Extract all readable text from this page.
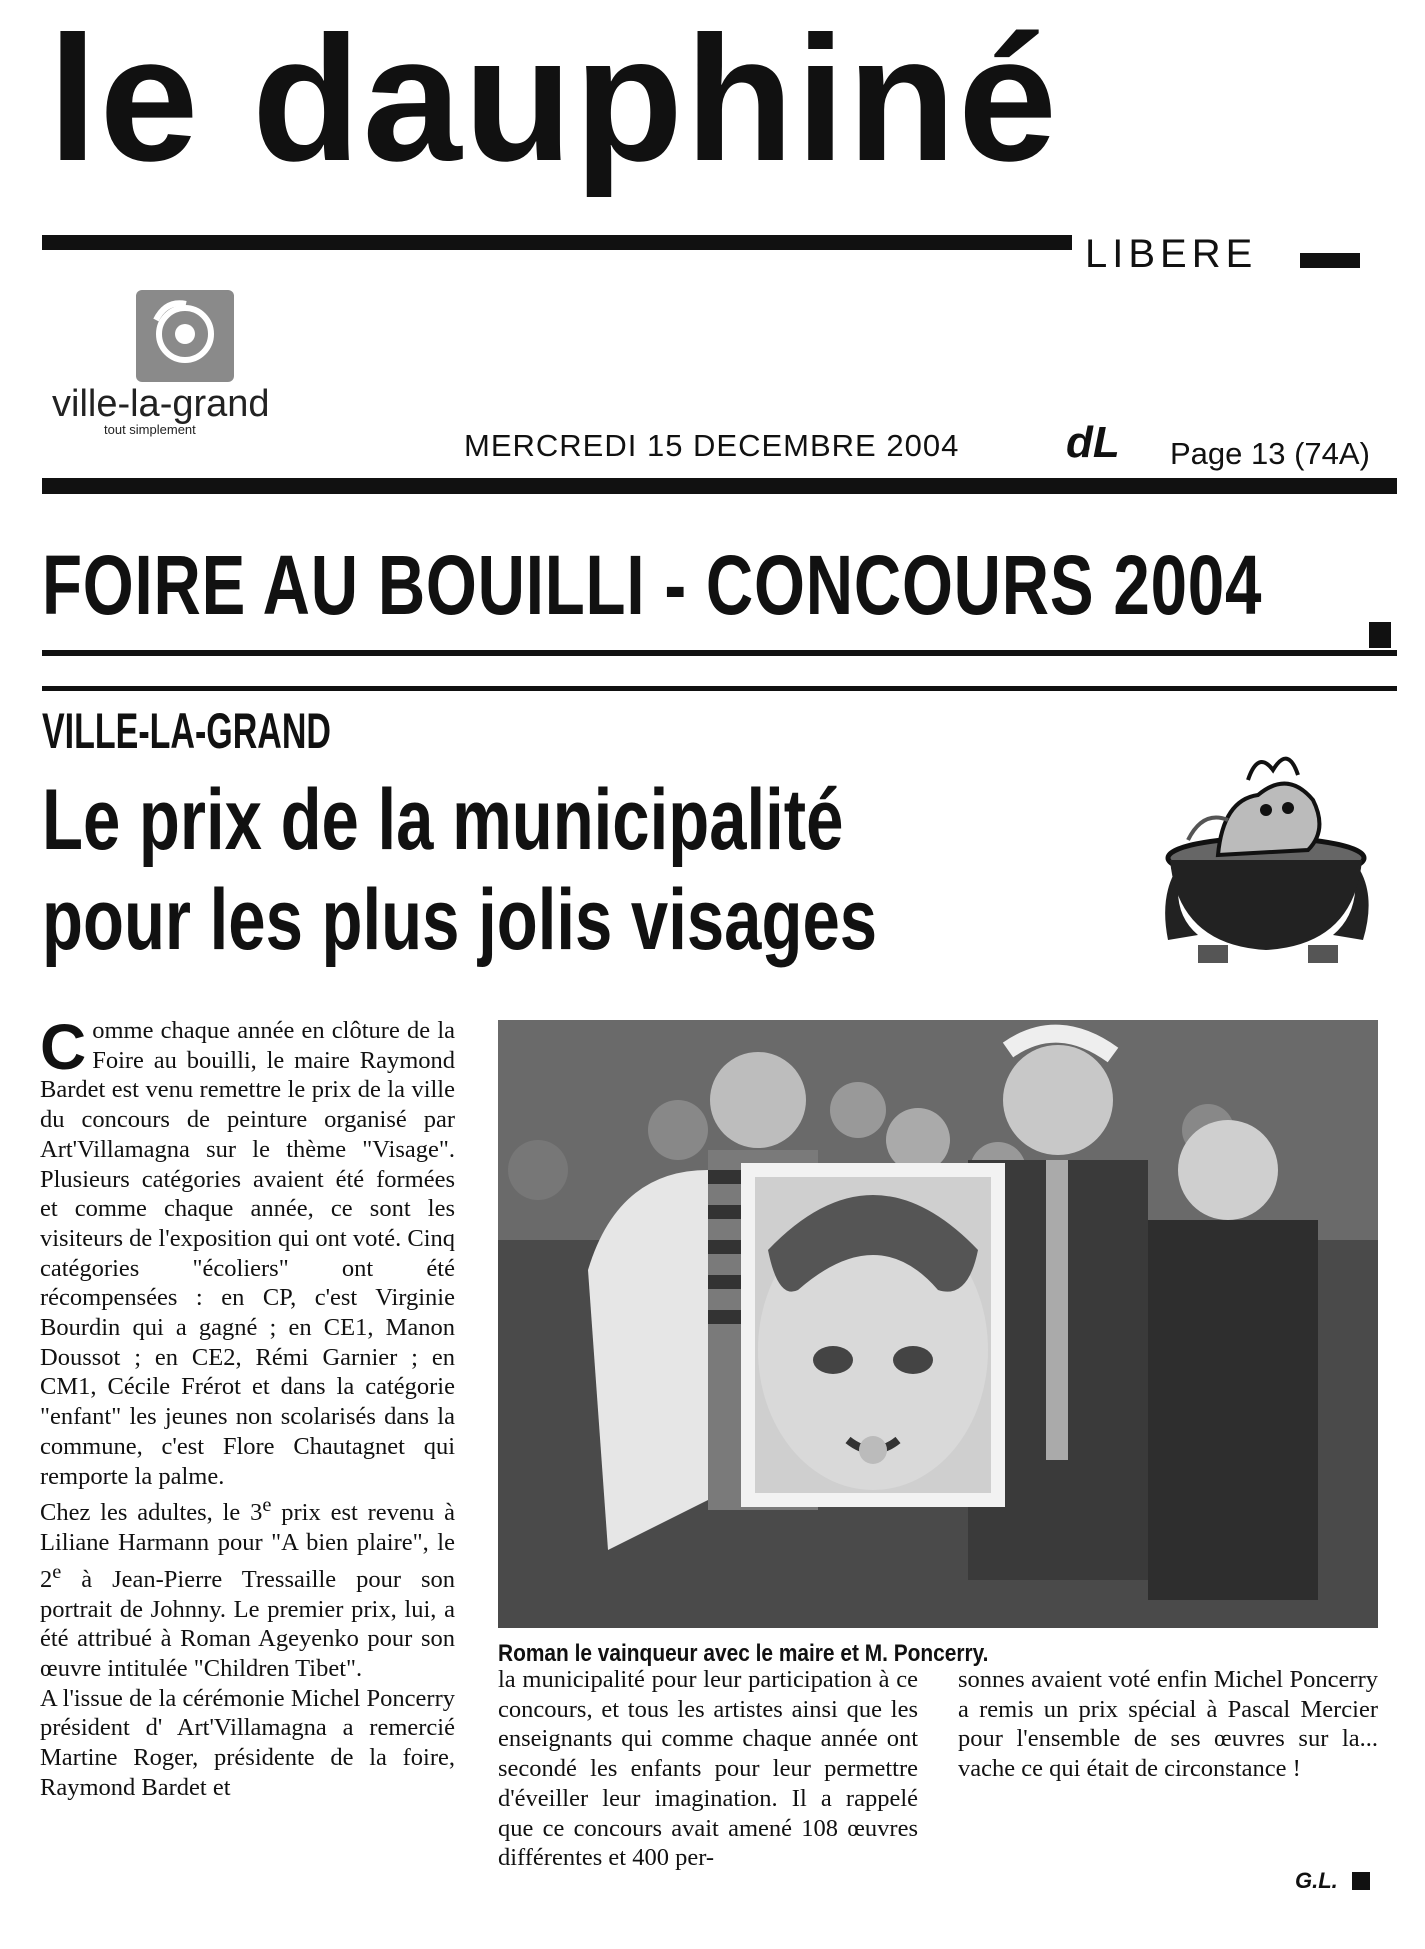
le dauphiné
LIBERE
ville-la-grand
tout simplement	MERCREDI 15 DECEMBRE 2004 dL Page 13 (74A)
FOIRE AU BOUILLI - CONCOURS 2004
VILLE-LA-GRAND
Le prix de la municipalité
pour les plus jolis visages

Comme chaque année en clôture de la Foire au bouilli, le maire Raymond Bardet est venu remettre le prix de la ville du concours de peinture organisé par Art'Villamagna sur le thème "Visage". Plusieurs catégories avaient été formées et comme chaque année, ce sont les visiteurs de l'exposition qui ont voté. Cinq catégories "écoliers" ont été récompensées : en CP, c'est Virginie Bourdin qui a gagné ; en CE1, Manon Doussot ; en CE2, Rémi Garnier ; en CM1, Cécile Frérot et dans la catégorie "enfant" les jeunes non scolarisés dans la commune, c'est Flore Chautagnet qui remporte la palme.

Chez les adultes, le 3e prix est revenu à Liliane Harmann pour "A bien plaire", le 2e à Jean-Pierre Tressaille pour son portrait de Johnny. Le premier prix, lui, a été attribué à Roman Ageyenko pour son œuvre intitulée "Children Tibet".

A l'issue de la cérémonie Michel Poncerry président d' Art'Villamagna a remercié Martine Roger, présidente de la foire, Raymond Bardet et

Roman le vainqueur avec le maire et M. Poncerry.

la municipalité pour leur participation à ce concours, et tous les artistes ainsi que les enseignants qui comme chaque année ont secondé les enfants pour leur permettre d'éveiller leur imagination. Il a rappelé que ce concours avait amené 108 œuvres différentes et 400 per-

sonnes avaient voté enfin Michel Poncerry a remis un prix spécial à Pascal Mercier pour l'ensemble de ses œuvres sur la... vache ce qui était de circonstance !

G.L.
